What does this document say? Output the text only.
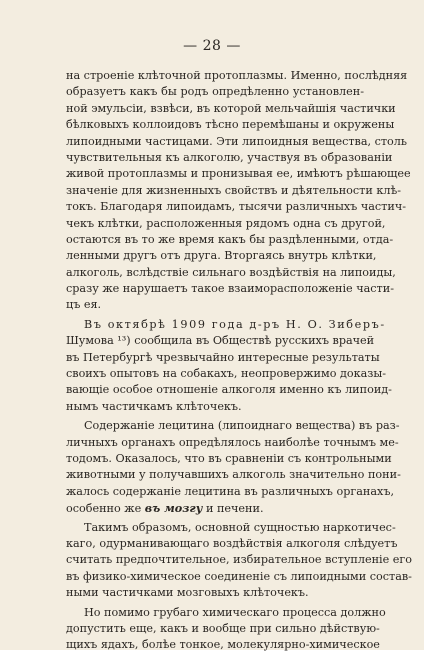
— 28 —
на строеніе клѣточной протоплазмы. Именно, послѣдняя
образуетъ какъ бы родъ опредѣленно установлен-
ной эмульсіи, взвѣси, въ которой мельчайшія частички
бѣлковыхъ коллоидовъ тѣсно перемѣшаны и окружены
липоидными частицами. Эти липоидныя вещества, столь
чувствительныя къ алкоголю, участвуя въ образованіи
живой протоплазмы и пронизывая ее, имѣютъ рѣшающее
значеніе для жизненныхъ свойствъ и дѣятельности клѣ-
токъ. Благодаря липоидамъ, тысячи различныхъ частич-
чекъ клѣтки, расположенныя рядомъ одна съ другой,
остаются въ то же время какъ бы раздѣленными, отда-
ленными другъ отъ друга. Вторгаясь внутрь клѣтки,
алкоголь, вслѣдствіе сильнаго воздѣйствія на липоиды,
сразу же нарушаетъ такое взаиморасположеніе части-
цъ ея.
Въ октябрѣ 1909 года д-ръ Н. О. Зиберъ-
Шумова ¹³) сообщила въ Обществѣ русскихъ врачей
въ Петербургѣ чрезвычайно интересные результаты
своихъ опытовъ на собакахъ, неопровержимо доказы-
вающіе особое отношеніе алкоголя именно къ липоид-
нымъ частичкамъ клѣточекъ.
Содержаніе лецитина (липоиднаго вещества) въ раз-
личныхъ органахъ опредѣлялось наиболѣе точнымъ ме-
тодомъ. Оказалось, что въ сравненіи съ контрольными
животными у получавшихъ алкоголь значительно пони-
жалось содержаніе лецитина въ различныхъ органахъ,
особенно же въ мозгу и печени.
Такимъ образомъ, основной сущностью наркотичес-
каго, одурманивающаго воздѣйствія алкоголя слѣдуетъ
считать предпочтительное, избирательное вступленіе его
въ физико-химическое соединеніе съ липоидными состав-
ными частичками мозговыхъ клѣточекъ.
Но помимо грубаго химическаго процесса должно
допустить еще, какъ и вообще при сильно дѣйствую-
щихъ ядахъ, болѣе тонкое, молекулярно-химическое
